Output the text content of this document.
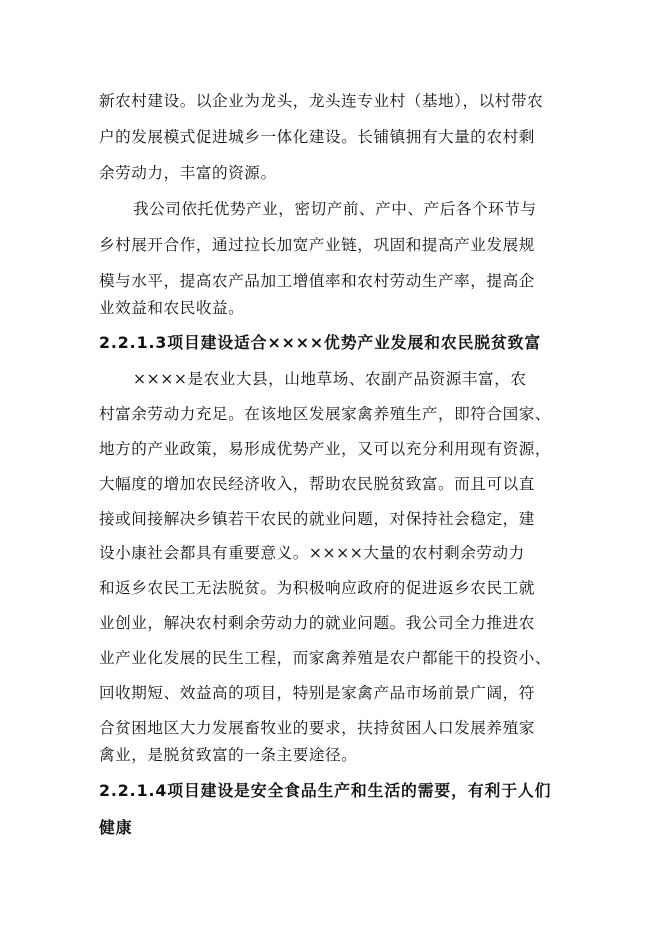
新农村建设。以企业为龙头，龙头连专业村（基地），以村带农
户的发展模式促进城乡一体化建设。长铺镇拥有大量的农村剩
余劳动力，丰富的资源。
我公司依托优势产业，密切产前、产中、产后各个环节与
乡村展开合作，通过拉长加宽产业链，巩固和提高产业发展规
模与水平，提高农产品加工增值率和农村劳动生产率，提高企
业效益和农民收益。
2.2.1.3项目建设适合××××优势产业发展和农民脱贫致富
××××是农业大县，山地草场、农副产品资源丰富，农
村富余劳动力充足。在该地区发展家禽养殖生产，即符合国家、
地方的产业政策，易形成优势产业，又可以充分利用现有资源，
大幅度的增加农民经济收入，帮助农民脱贫致富。而且可以直
接或间接解决乡镇若干农民的就业问题，对保持社会稳定，建
设小康社会都具有重要意义。××××大量的农村剩余劳动力
和返乡农民工无法脱贫。为积极响应政府的促进返乡农民工就
业创业，解决农村剩余劳动力的就业问题。我公司全力推进农
业产业化发展的民生工程，而家禽养殖是农户都能干的投资小、
回收期短、效益高的项目，特别是家禽产品市场前景广阔，符
合贫困地区大力发展畜牧业的要求，扶持贫困人口发展养殖家
禽业，是脱贫致富的一条主要途径。
2.2.1.4项目建设是安全食品生产和生活的需要，有利于人们
健康
